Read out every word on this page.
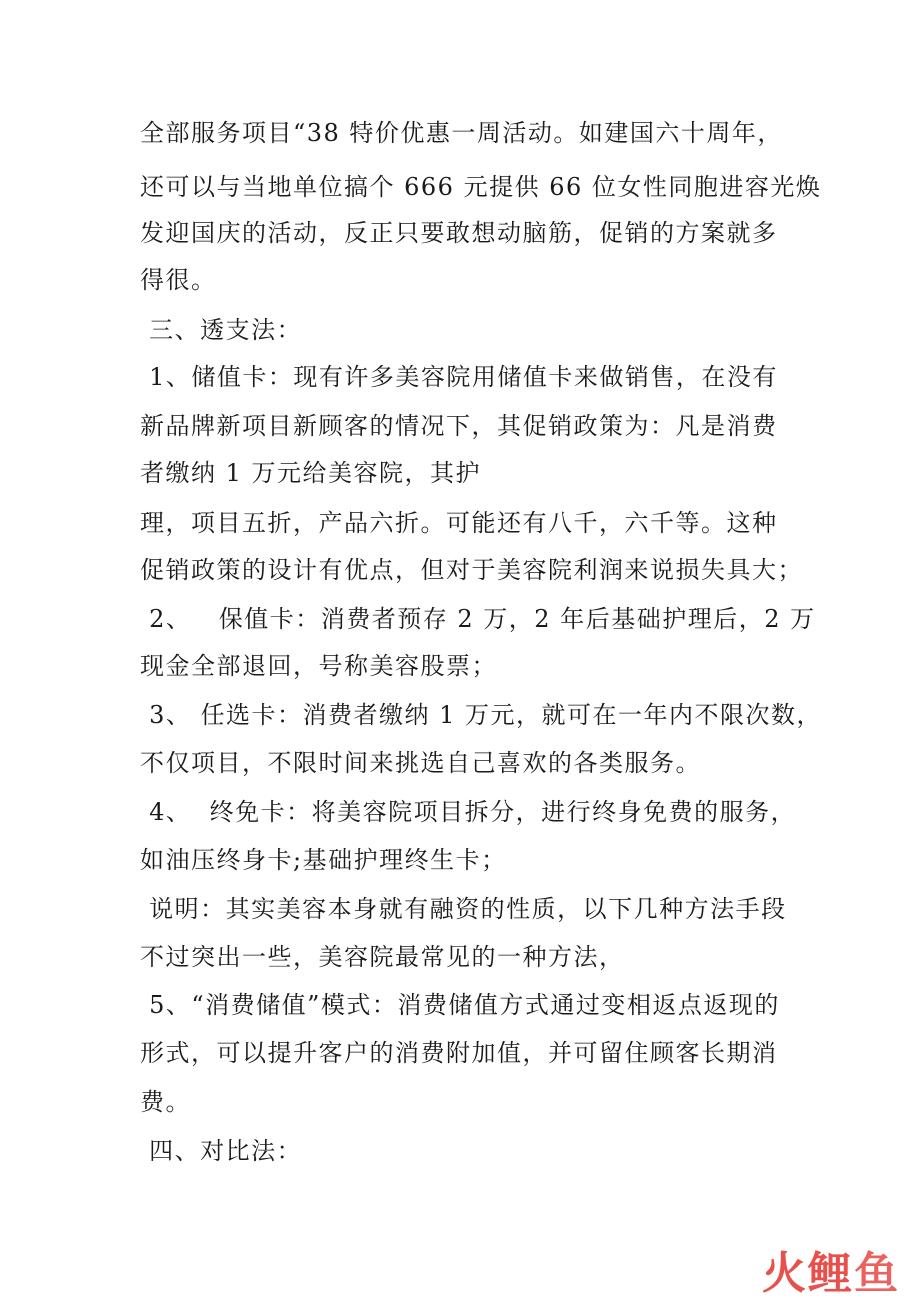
全部服务项目“38 特价优惠一周活动。如建国六十周年，
还可以与当地单位搞个 666 元提供 66 位女性同胞进容光焕
发迎国庆的活动，反正只要敢想动脑筋，促销的方案就多
得很。
三、透支法：
1、储值卡：现有许多美容院用储值卡来做销售，在没有
新品牌新项目新顾客的情况下，其促销政策为：凡是消费
者缴纳 1 万元给美容院，其护
理，项目五折，产品六折。可能还有八千，六千等。这种
促销政策的设计有优点，但对于美容院利润来说损失具大；
2、   保值卡：消费者预存 2 万，2 年后基础护理后，2 万
现金全部退回，号称美容股票；
3、 任选卡：消费者缴纳 1 万元，就可在一年内不限次数，
不仅项目，不限时间来挑选自己喜欢的各类服务。
4、  终免卡：将美容院项目拆分，进行终身免费的服务，
如油压终身卡;基础护理终生卡；
说明：其实美容本身就有融资的性质，以下几种方法手段
不过突出一些，美容院最常见的一种方法，
5、“消费储值”模式：消费储值方式通过变相返点返现的
形式，可以提升客户的消费附加值，并可留住顾客长期消
费。
四、对比法：
火 鲤 鱼
